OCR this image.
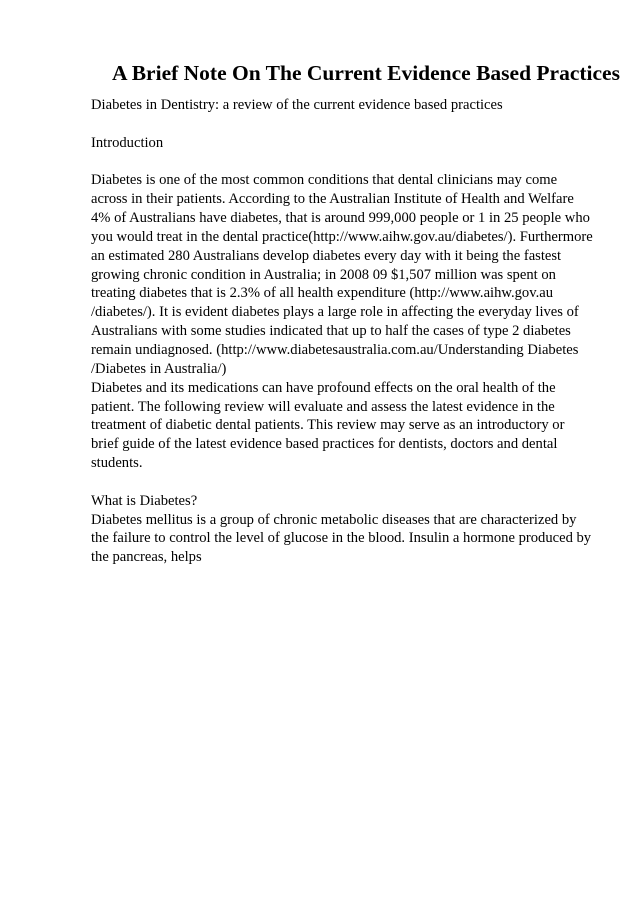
A Brief Note On The Current Evidence Based Practices
Diabetes in Dentistry: a review of the current evidence based practices
Introduction
Diabetes is one of the most common conditions that dental clinicians may come
across in their patients. According to the Australian Institute of Health and Welfare
4% of Australians have diabetes, that is around 999,000 people or 1 in 25 people who
you would treat in the dental practice(http://www.aihw.gov.au/diabetes/). Furthermore
an estimated 280 Australians develop diabetes every day with it being the fastest
growing chronic condition in Australia; in 2008 09 $1,507 million was spent on
treating diabetes that is 2.3% of all health expenditure (http://www.aihw.gov.au
/diabetes/). It is evident diabetes plays a large role in affecting the everyday lives of
Australians with some studies indicated that up to half the cases of type 2 diabetes
remain undiagnosed. (http://www.diabetesaustralia.com.au/Understanding Diabetes
/Diabetes in Australia/)
Diabetes and its medications can have profound effects on the oral health of the
patient. The following review will evaluate and assess the latest evidence in the
treatment of diabetic dental patients. This review may serve as an introductory or
brief guide of the latest evidence based practices for dentists, doctors and dental
students.
What is Diabetes?
Diabetes mellitus is a group of chronic metabolic diseases that are characterized by
the failure to control the level of glucose in the blood. Insulin a hormone produced by
the pancreas, helps
